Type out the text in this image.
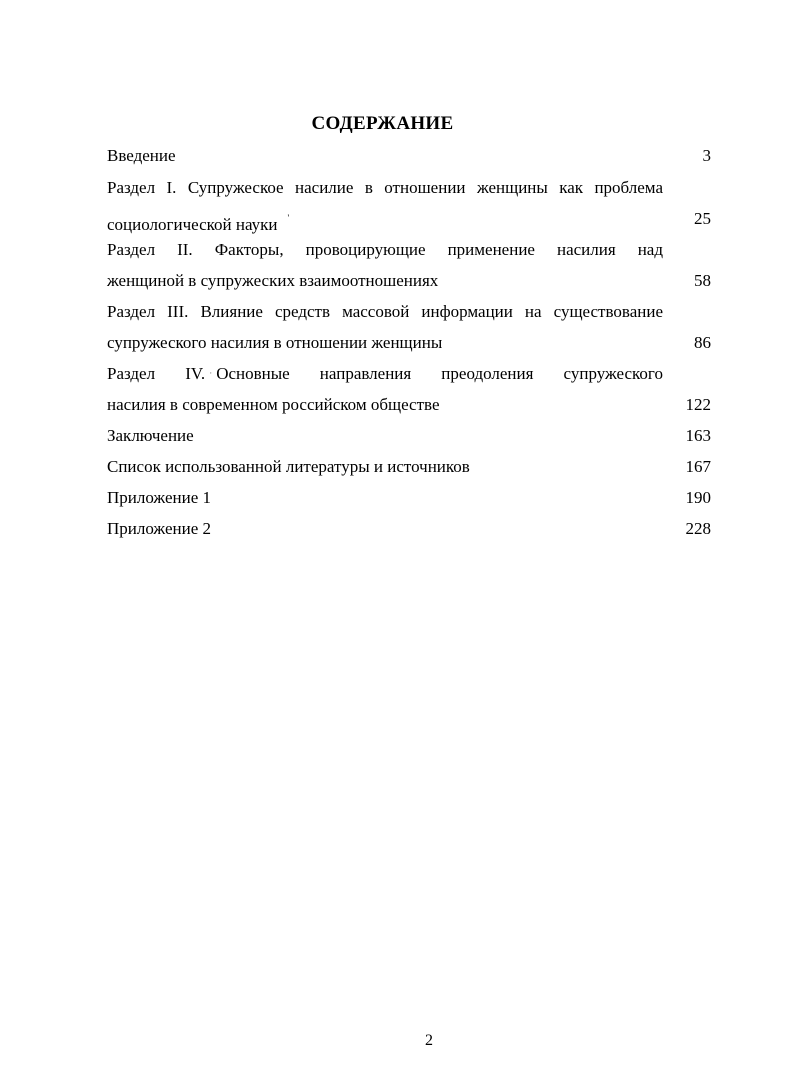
СОДЕРЖАНИЕ
Введение	3
Раздел I. Супружеское насилие в отношении женщины как проблема
социологической науки '	25
Раздел II. Факторы, провоцирующие применение насилия над
женщиной в супружеских взаимоотношениях	58
Раздел III. Влияние средств массовой информации на существование
супружеского насилия в отношении женщины	86
Раздел IV. · Основные направления преодоления супружеского
насилия в современном российском обществе	122
Заключение	163
Список использованной литературы и источников	167
Приложение 1	190
Приложение 2	228
2
